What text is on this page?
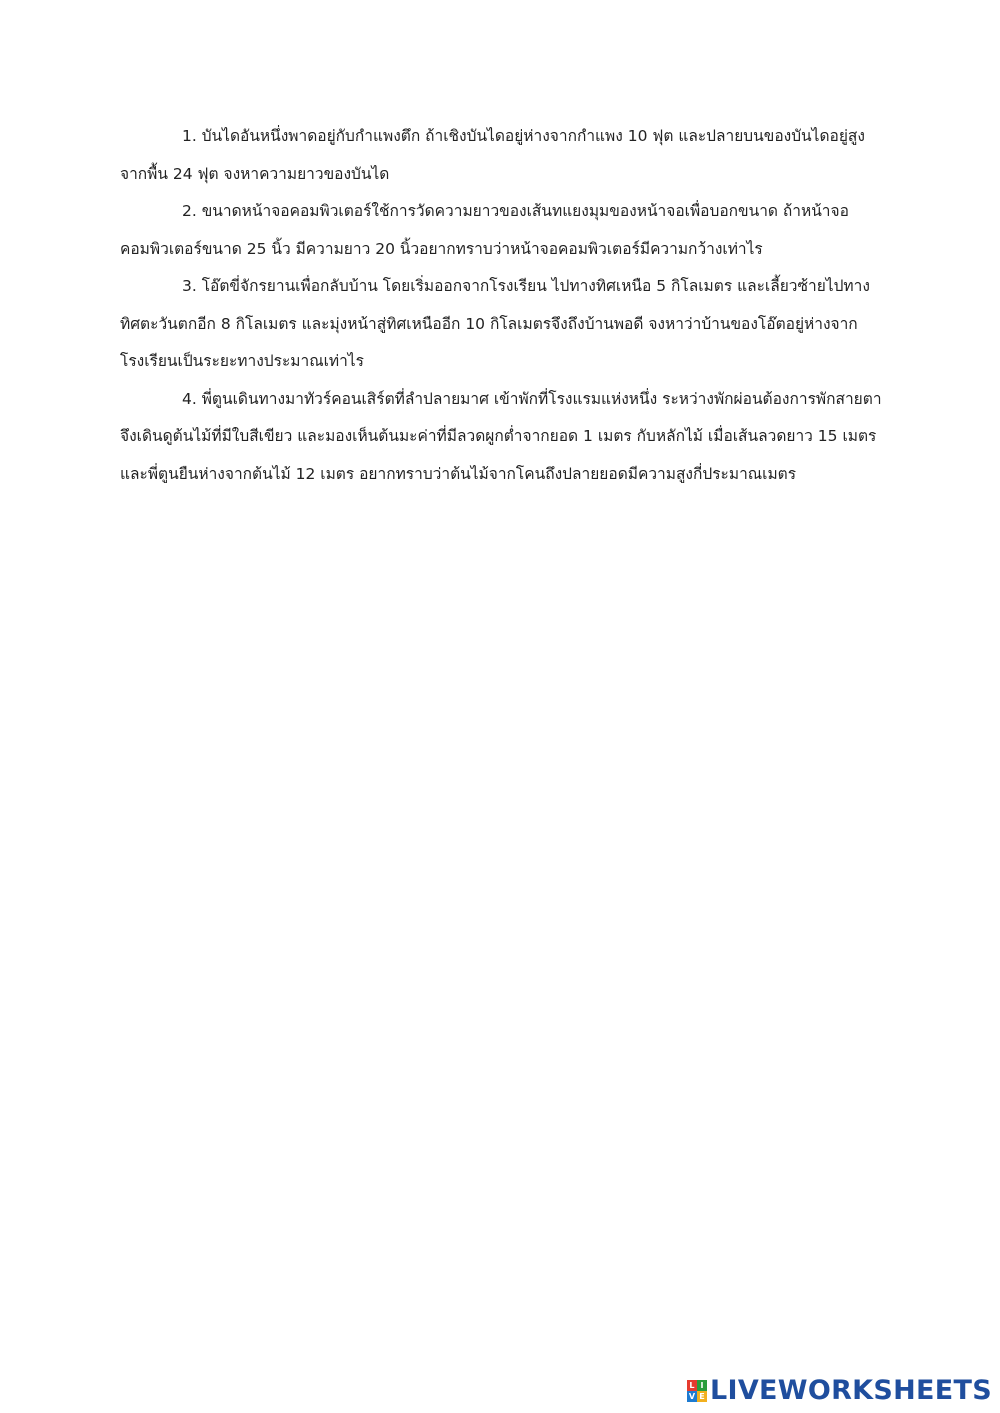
1. บันไดอันหนึ่งพาดอยู่กับกำแพงตึก ถ้าเชิงบันไดอยู่ห่างจากกำแพง 10 ฟุต และปลายบนของบันไดอยู่สูงจากพื้น 24 ฟุต จงหาความยาวของบันได

2. ขนาดหน้าจอคอมพิวเตอร์ใช้การวัดความยาวของเส้นทแยงมุมของหน้าจอเพื่อบอกขนาด ถ้าหน้าจอคอมพิวเตอร์ขนาด 25 นิ้ว มีความยาว 20 นิ้วอยากทราบว่าหน้าจอคอมพิวเตอร์มีความกว้างเท่าไร

3. โอ๊ตขี่จักรยานเพื่อกลับบ้าน โดยเริ่มออกจากโรงเรียน ไปทางทิศเหนือ 5 กิโลเมตร และเลี้ยวซ้ายไปทางทิศตะวันตกอีก 8 กิโลเมตร และมุ่งหน้าสู่ทิศเหนืออีก 10 กิโลเมตรจึงถึงบ้านพอดี จงหาว่าบ้านของโอ๊ตอยู่ห่างจากโรงเรียนเป็นระยะทางประมาณเท่าไร

4. พี่ตูนเดินทางมาทัวร์คอนเสิร์ตที่ลำปลายมาศ เข้าพักที่โรงแรมแห่งหนึ่ง ระหว่างพักผ่อนต้องการพักสายตาจึงเดินดูต้นไม้ที่มีใบสีเขียว และมองเห็นต้นมะค่าที่มีลวดผูกต่ำจากยอด 1 เมตร กับหลักไม้ เมื่อเส้นลวดยาว 15 เมตร และพี่ตูนยืนห่างจากต้นไม้ 12 เมตร อยากทราบว่าต้นไม้จากโคนถึงปลายยอดมีความสูงกี่ประมาณเมตร

L I
V E LIVEWORKSHEETS
